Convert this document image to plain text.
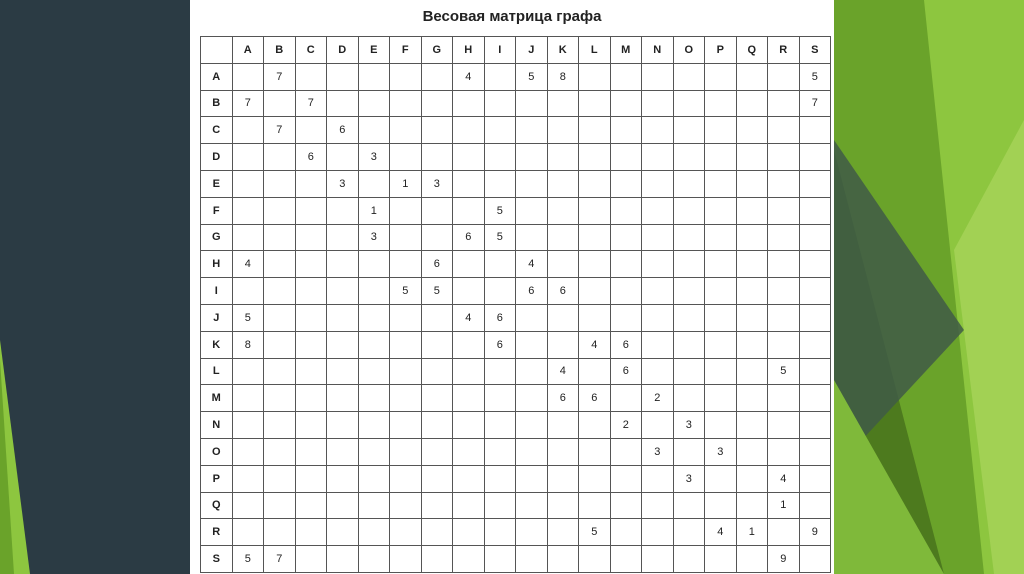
Весовая матрица графа
	A	B	C	D	E	F	G	H	I	J	K	L	M	N	O	P	Q	R	S
A		7						4		5	8								5
B	7		7																7
C		7		6															
D			6		3														
E				3		1	3												
F					1				5										
G					3			6	5										
H	4						6			4									
I						5	5			6	6								
J	5							4	6										
K	8								6			4	6						
L											4		6					5	
M											6	6		2					
N													2		3				
O														3		3			
P															3			4	
Q																		1	
R												5				4	1		9
S	5	7																9	
